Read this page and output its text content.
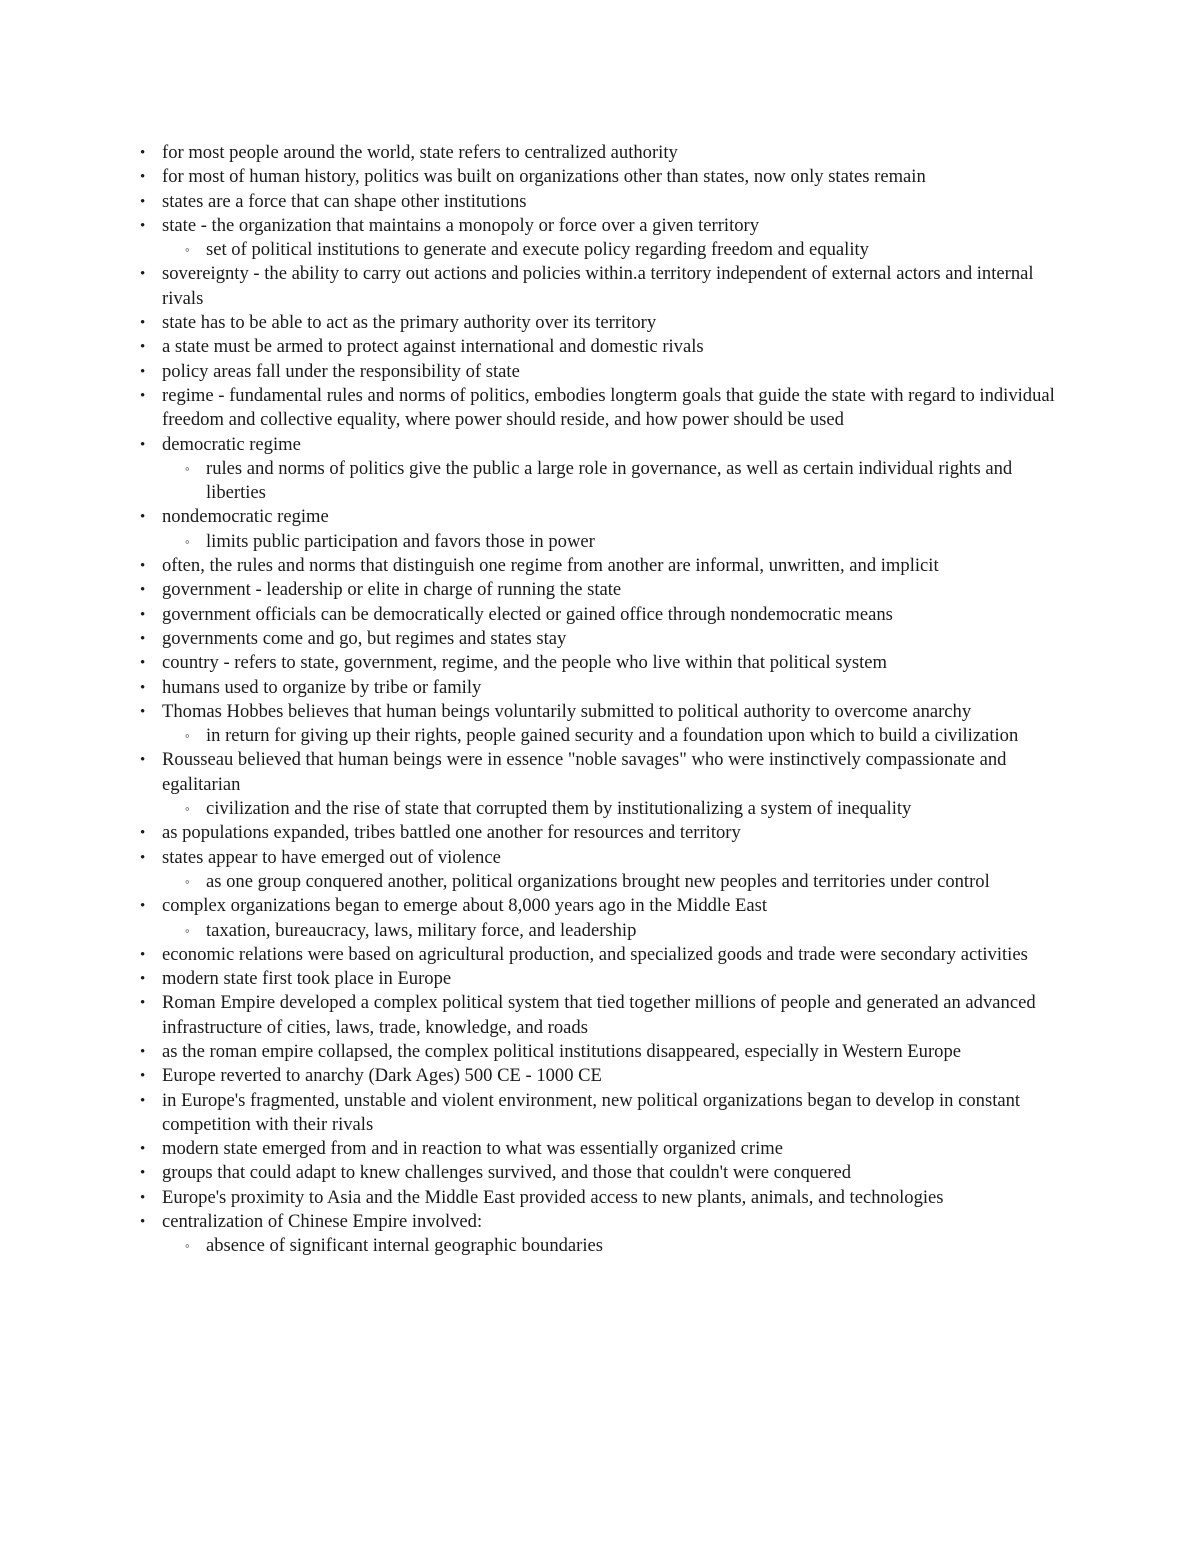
• for most people around the world, state refers to centralized authority
• for most of human history, politics was built on organizations other than states, now only states remain
• states are a force that can shape other institutions
• state - the organization that maintains a monopoly or force over a given territory
◦ set of political institutions to generate and execute policy regarding freedom and equality
• sovereignty - the ability to carry out actions and policies within.a territory independent of external actors and internal rivals
• state has to be able to act as the primary authority over its territory
• a state must be armed to protect against international and domestic rivals
• policy areas fall under the responsibility of state
• regime - fundamental rules and norms of politics, embodies longterm goals that guide the state with regard to individual freedom and collective equality, where power should reside, and how power should be used
• democratic regime
◦ rules and norms of politics give the public a large role in governance, as well as certain individual rights and liberties
• nondemocratic regime
◦ limits public participation and favors those in power
• often, the rules and norms that distinguish one regime from another are informal, unwritten, and implicit
• government - leadership or elite in charge of running the state
• government officials can be democratically elected or gained office through nondemocratic means
• governments come and go, but regimes and states stay
• country - refers to state, government, regime, and the people who live within that political system
• humans used to organize by tribe or family
• Thomas Hobbes believes that human beings voluntarily submitted to political authority to overcome anarchy
◦ in return for giving up their rights, people gained security and a foundation upon which to build a civilization
• Rousseau believed that human beings were in essence "noble savages" who were instinctively compassionate and egalitarian
◦ civilization and the rise of state that corrupted them by institutionalizing a system of inequality
• as populations expanded, tribes battled one another for resources and territory
• states appear to have emerged out of violence
◦ as one group conquered another, political organizations brought new peoples and territories under control
• complex organizations began to emerge about 8,000 years ago in the Middle East
◦ taxation, bureaucracy, laws, military force, and leadership
• economic relations were based on agricultural production, and specialized goods and trade were secondary activities
• modern state first took place in Europe
• Roman Empire developed a complex political system that tied together millions of people and generated an advanced infrastructure of cities, laws, trade, knowledge, and roads
• as the roman empire collapsed, the complex political institutions disappeared, especially in Western Europe
• Europe reverted to anarchy (Dark Ages) 500 CE - 1000 CE
• in Europe's fragmented, unstable and violent environment, new political organizations began to develop in constant competition with their rivals
• modern state emerged from and in reaction to what was essentially organized crime
• groups that could adapt to knew challenges survived, and those that couldn't were conquered
• Europe's proximity to Asia and the Middle East provided access to new plants, animals, and technologies
• centralization of Chinese Empire involved:
◦ absence of significant internal geographic boundaries
